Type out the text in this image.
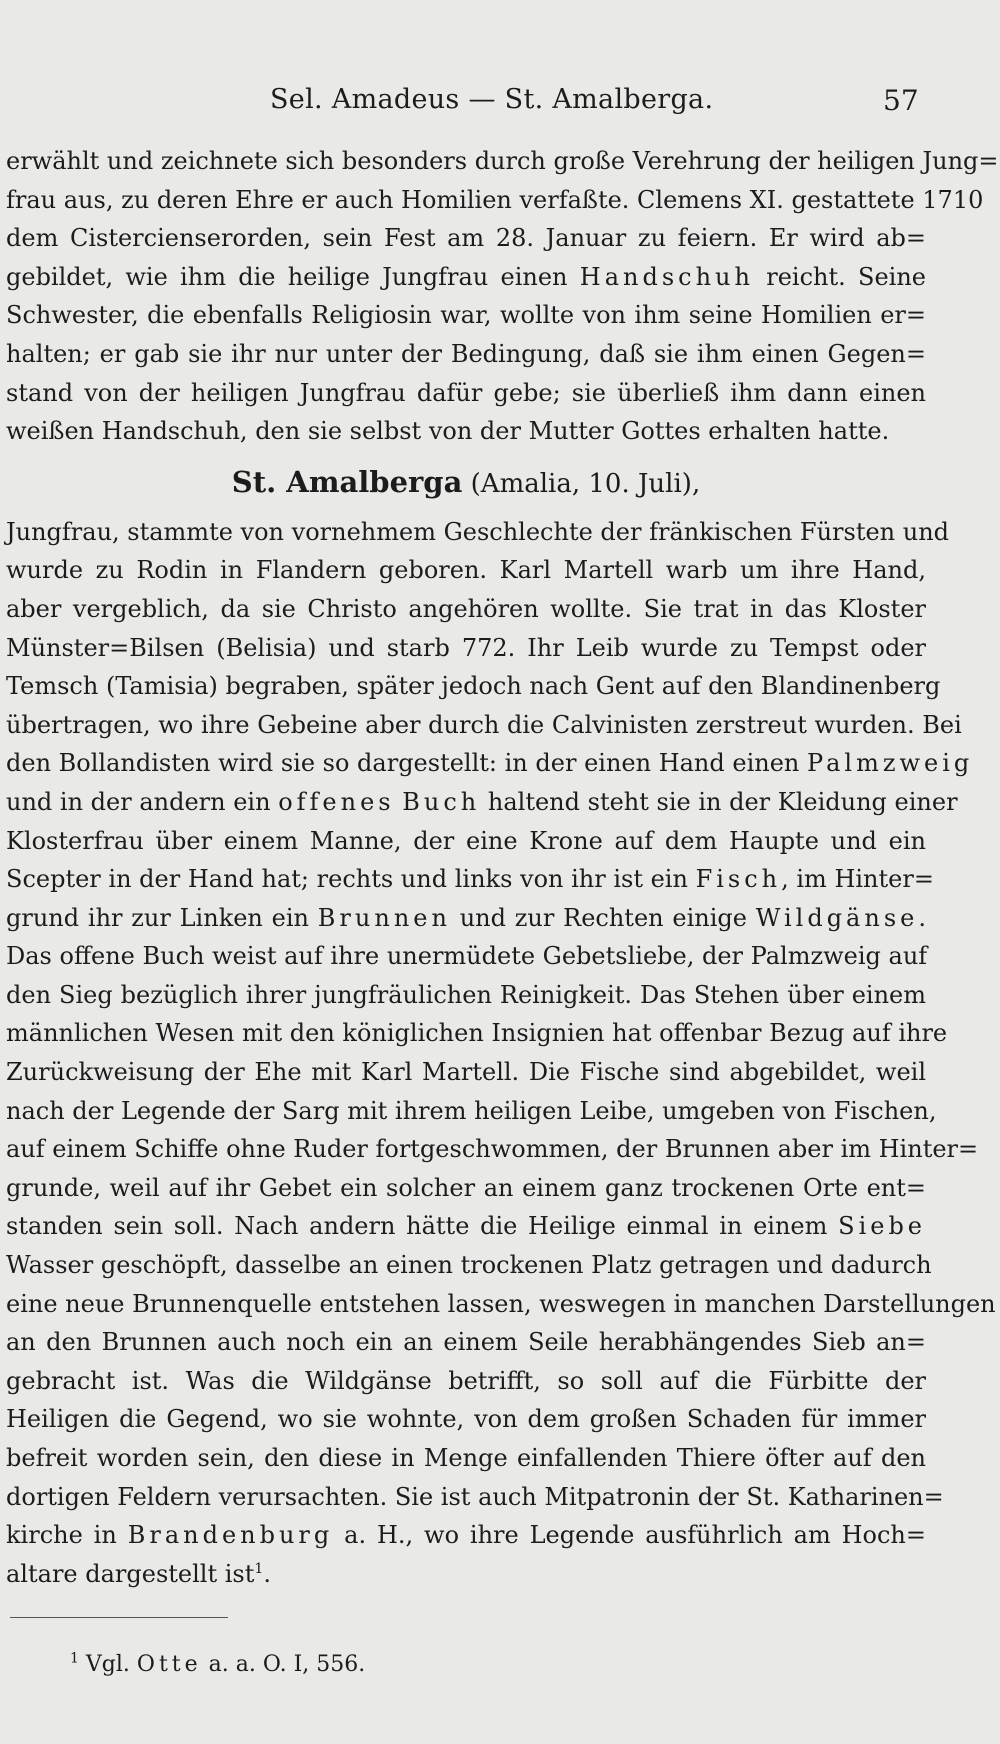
Sel. Amadeus — St. Amalberga.	57
erwählt und zeichnete sich besonders durch große Verehrung der heiligen Jung=
frau aus, zu deren Ehre er auch Homilien verfaßte. Clemens XI. gestattete 1710
dem Cistercienserorden, sein Fest am 28. Januar zu feiern. Er wird ab=
gebildet, wie ihm die heilige Jungfrau einen Handschuh reicht. Seine
Schwester, die ebenfalls Religiosin war, wollte von ihm seine Homilien er=
halten; er gab sie ihr nur unter der Bedingung, daß sie ihm einen Gegen=
stand von der heiligen Jungfrau dafür gebe; sie überließ ihm dann einen
weißen Handschuh, den sie selbst von der Mutter Gottes erhalten hatte.
St. Amalberga (Amalia, 10. Juli),
Jungfrau, stammte von vornehmem Geschlechte der fränkischen Fürsten und
wurde zu Rodin in Flandern geboren. Karl Martell warb um ihre Hand,
aber vergeblich, da sie Christo angehören wollte. Sie trat in das Kloster
Münster=Bilsen (Belisia) und starb 772. Ihr Leib wurde zu Tempst oder
Temsch (Tamisia) begraben, später jedoch nach Gent auf den Blandinenberg
übertragen, wo ihre Gebeine aber durch die Calvinisten zerstreut wurden. Bei
den Bollandisten wird sie so dargestellt: in der einen Hand einen Palmzweig
und in der andern ein offenes Buch haltend steht sie in der Kleidung einer
Klosterfrau über einem Manne, der eine Krone auf dem Haupte und ein
Scepter in der Hand hat; rechts und links von ihr ist ein Fisch, im Hinter=
grund ihr zur Linken ein Brunnen und zur Rechten einige Wildgänse.
Das offene Buch weist auf ihre unermüdete Gebetsliebe, der Palmzweig auf
den Sieg bezüglich ihrer jungfräulichen Reinigkeit. Das Stehen über einem
männlichen Wesen mit den königlichen Insignien hat offenbar Bezug auf ihre
Zurückweisung der Ehe mit Karl Martell. Die Fische sind abgebildet, weil
nach der Legende der Sarg mit ihrem heiligen Leibe, umgeben von Fischen,
auf einem Schiffe ohne Ruder fortgeschwommen, der Brunnen aber im Hinter=
grunde, weil auf ihr Gebet ein solcher an einem ganz trockenen Orte ent=
standen sein soll. Nach andern hätte die Heilige einmal in einem Siebe
Wasser geschöpft, dasselbe an einen trockenen Platz getragen und dadurch
eine neue Brunnenquelle entstehen lassen, weswegen in manchen Darstellungen
an den Brunnen auch noch ein an einem Seile herabhängendes Sieb an=
gebracht ist. Was die Wildgänse betrifft, so soll auf die Fürbitte der
Heiligen die Gegend, wo sie wohnte, von dem großen Schaden für immer
befreit worden sein, den diese in Menge einfallenden Thiere öfter auf den
dortigen Feldern verursachten. Sie ist auch Mitpatronin der St. Katharinen=
kirche in Brandenburg a. H., wo ihre Legende ausführlich am Hoch=
altare dargestellt ist$^1$.
$^1$ Vgl. Otte a. a. O. I, 556.
